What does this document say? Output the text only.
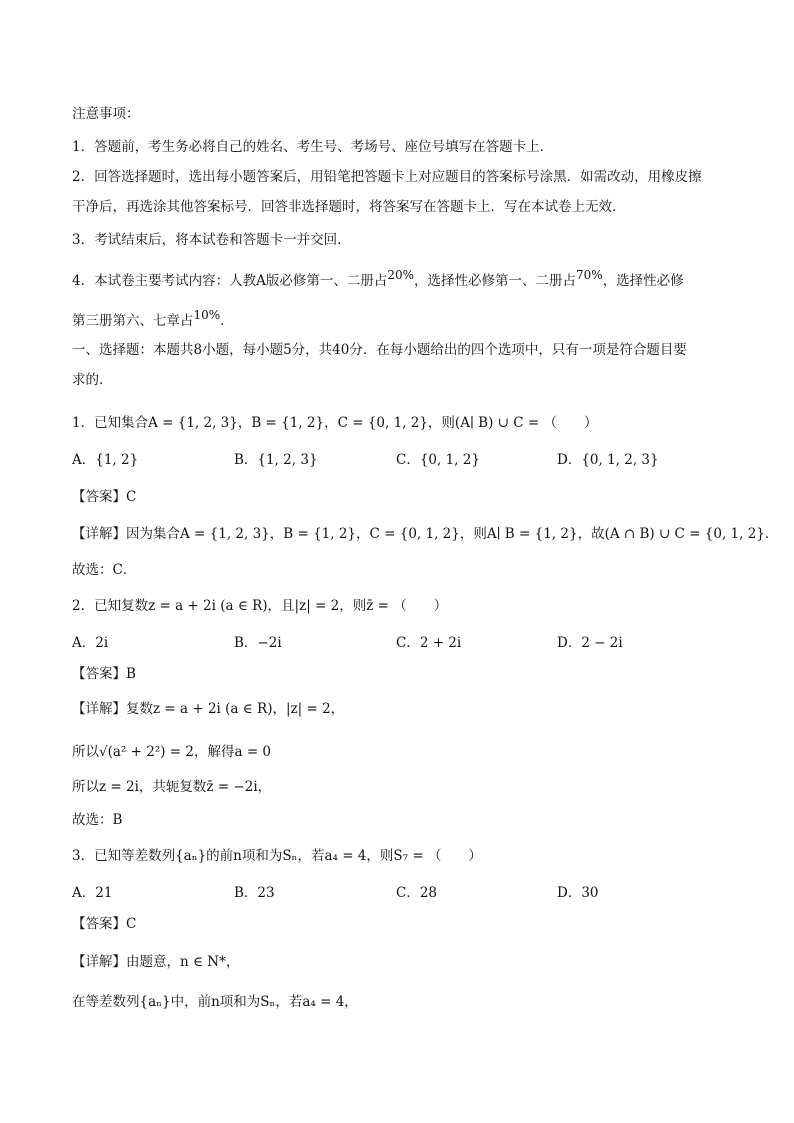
注意事项：
1．答题前，考生务必将自己的姓名、考生号、考场号、座位号填写在答题卡上．
2．回答选择题时，选出每小题答案后，用铅笔把答题卡上对应题目的答案标号涂黑．如需改动，用橡皮擦
干净后，再选涂其他答案标号．回答非选择题时，将答案写在答题卡上．写在本试卷上无效．
3．考试结束后，将本试卷和答题卡一并交回．
4．本试卷主要考试内容：人教A版必修第一、二册占20%，选择性必修第一、二册占70%，选择性必修
第三册第六、七章占10%．
一、选择题：本题共8小题，每小题5分，共40分．在每小题给出的四个选项中，只有一项是符合题目要
求的．
1．已知集合A = {1, 2, 3}，B = {1, 2}，C = {0, 1, 2}，则(A∣ B) ∪ C = （　　）
A．{1, 2}	B．{1, 2, 3}	C．{0, 1, 2}	D．{0, 1, 2, 3}
【答案】C
【详解】因为集合A = {1, 2, 3}，B = {1, 2}，C = {0, 1, 2}，则A∣ B = {1, 2}，故(A ∩ B) ∪ C = {0, 1, 2}．
故选：C．
2．已知复数z = a + 2i (a ∈ R)，且|z| = 2，则z̄ = （　　）
A．2i	B．−2i	C．2 + 2i	D．2 − 2i
【答案】B
【详解】复数z = a + 2i (a ∈ R)，|z| = 2，
所以√(a² + 2²) = 2，解得a = 0
所以z = 2i，共轭复数z̄ = −2i，
故选：B
3．已知等差数列{aₙ}的前n项和为Sₙ，若a₄ = 4，则S₇ = （　　）
A．21	B．23	C．28	D．30
【答案】C
【详解】由题意，n ∈ N*，
在等差数列{aₙ}中，前n项和为Sₙ，若a₄ = 4，
